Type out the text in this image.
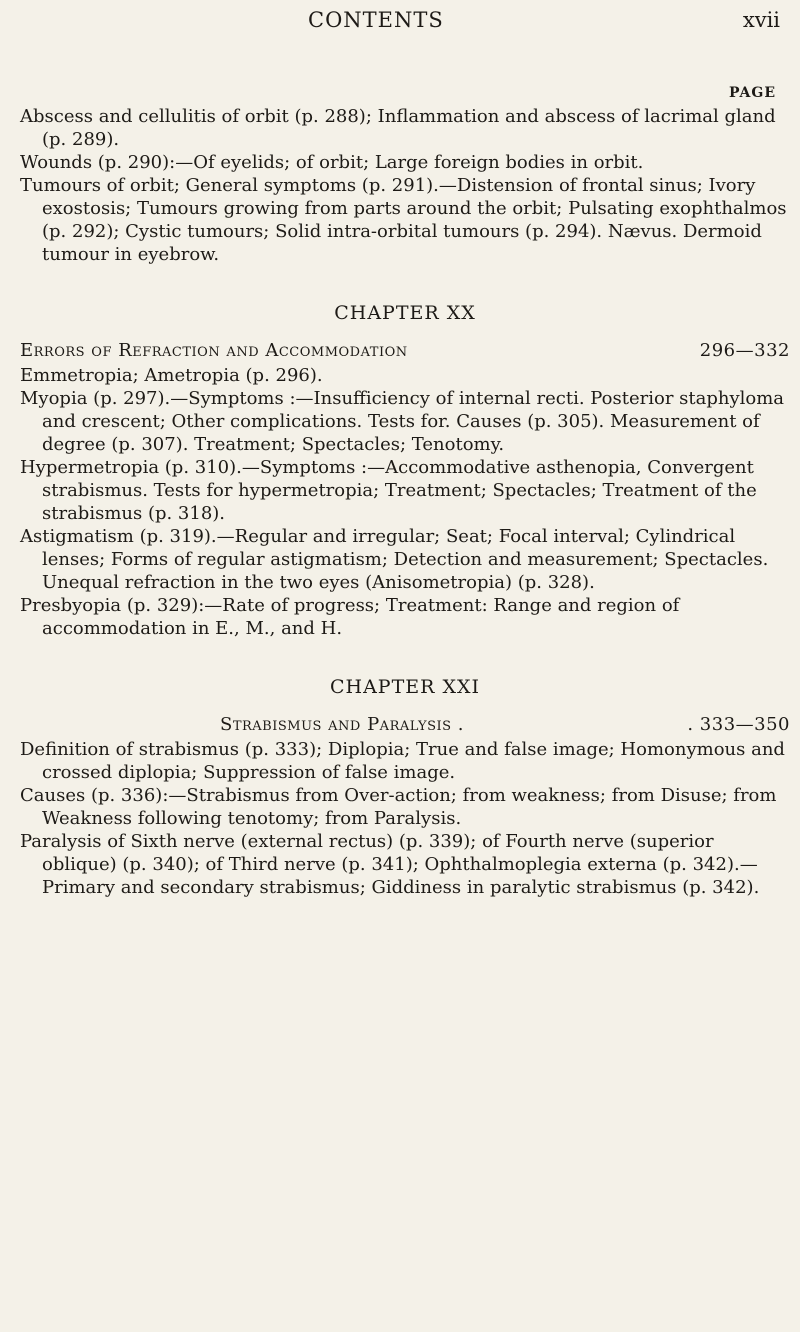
CONTENTS	xvii
PAGE

Abscess and cellulitis of orbit (p. 288); Inflammation and abscess of lacrimal gland (p. 289).

Wounds (p. 290):—Of eyelids; of orbit; Large foreign bodies in orbit.

Tumours of orbit; General symptoms (p. 291).—Distension of frontal sinus; Ivory exostosis; Tumours growing from parts around the orbit; Pulsating exophthalmos (p. 292); Cystic tumours; Solid intra-orbital tumours (p. 294). Nævus. Dermoid tumour in eyebrow.

CHAPTER XX
Errors of Refraction and Accommodation	296—332

Emmetropia; Ametropia (p. 296).

Myopia (p. 297).—Symptoms :—Insufficiency of internal recti. Posterior staphyloma and crescent; Other complications. Tests for. Causes (p. 305). Measurement of degree (p. 307). Treatment; Spectacles; Tenotomy.

Hypermetropia (p. 310).—Symptoms :—Accommodative asthenopia, Convergent strabismus. Tests for hypermetropia; Treatment; Spectacles; Treatment of the strabismus (p. 318).

Astigmatism (p. 319).—Regular and irregular; Seat; Focal interval; Cylindrical lenses; Forms of regular astigmatism; Detection and measurement; Spectacles. Unequal refraction in the two eyes (Anisometropia) (p. 328).

Presbyopia (p. 329):—Rate of progress; Treatment: Range and region of accommodation in E., M., and H.

CHAPTER XXI
Strabismus and Paralysis .	. 333—350

Definition of strabismus (p. 333); Diplopia; True and false image; Homonymous and crossed diplopia; Suppression of false image.

Causes (p. 336):—Strabismus from Over-action; from weakness; from Disuse; from Weakness following tenotomy; from Paralysis.

Paralysis of Sixth nerve (external rectus) (p. 339); of Fourth nerve (superior oblique) (p. 340); of Third nerve (p. 341); Ophthalmoplegia externa (p. 342).—Primary and secondary strabismus; Giddiness in paralytic strabismus (p. 342).
